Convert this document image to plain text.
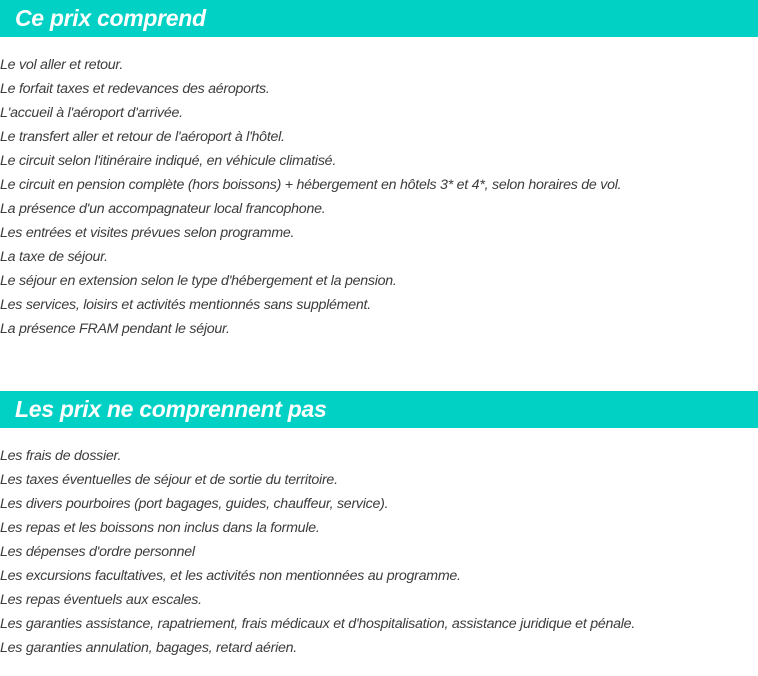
Ce prix comprend
Le vol aller et retour.
Le forfait taxes et redevances des aéroports.
L'accueil à l'aéroport d'arrivée.
Le transfert aller et retour de l'aéroport à l'hôtel.
Le circuit selon l'itinéraire indiqué, en véhicule climatisé.
Le circuit en pension complète (hors boissons) + hébergement en hôtels 3* et 4*, selon horaires de vol.
La présence d'un accompagnateur local francophone.
Les entrées et visites prévues selon programme.
La taxe de séjour.
Le séjour en extension selon le type d'hébergement et la pension.
Les services, loisirs et activités mentionnés sans supplément.
La présence FRAM pendant le séjour.
Les prix ne comprennent pas
Les frais de dossier.
Les taxes éventuelles de séjour et de sortie du territoire.
Les divers pourboires (port bagages, guides, chauffeur, service).
Les repas et les boissons non inclus dans la formule.
Les dépenses d'ordre personnel
Les excursions facultatives, et les activités non mentionnées au programme.
Les repas éventuels aux escales.
Les garanties assistance, rapatriement, frais médicaux et d'hospitalisation, assistance juridique et pénale.
Les garanties annulation, bagages, retard aérien.
